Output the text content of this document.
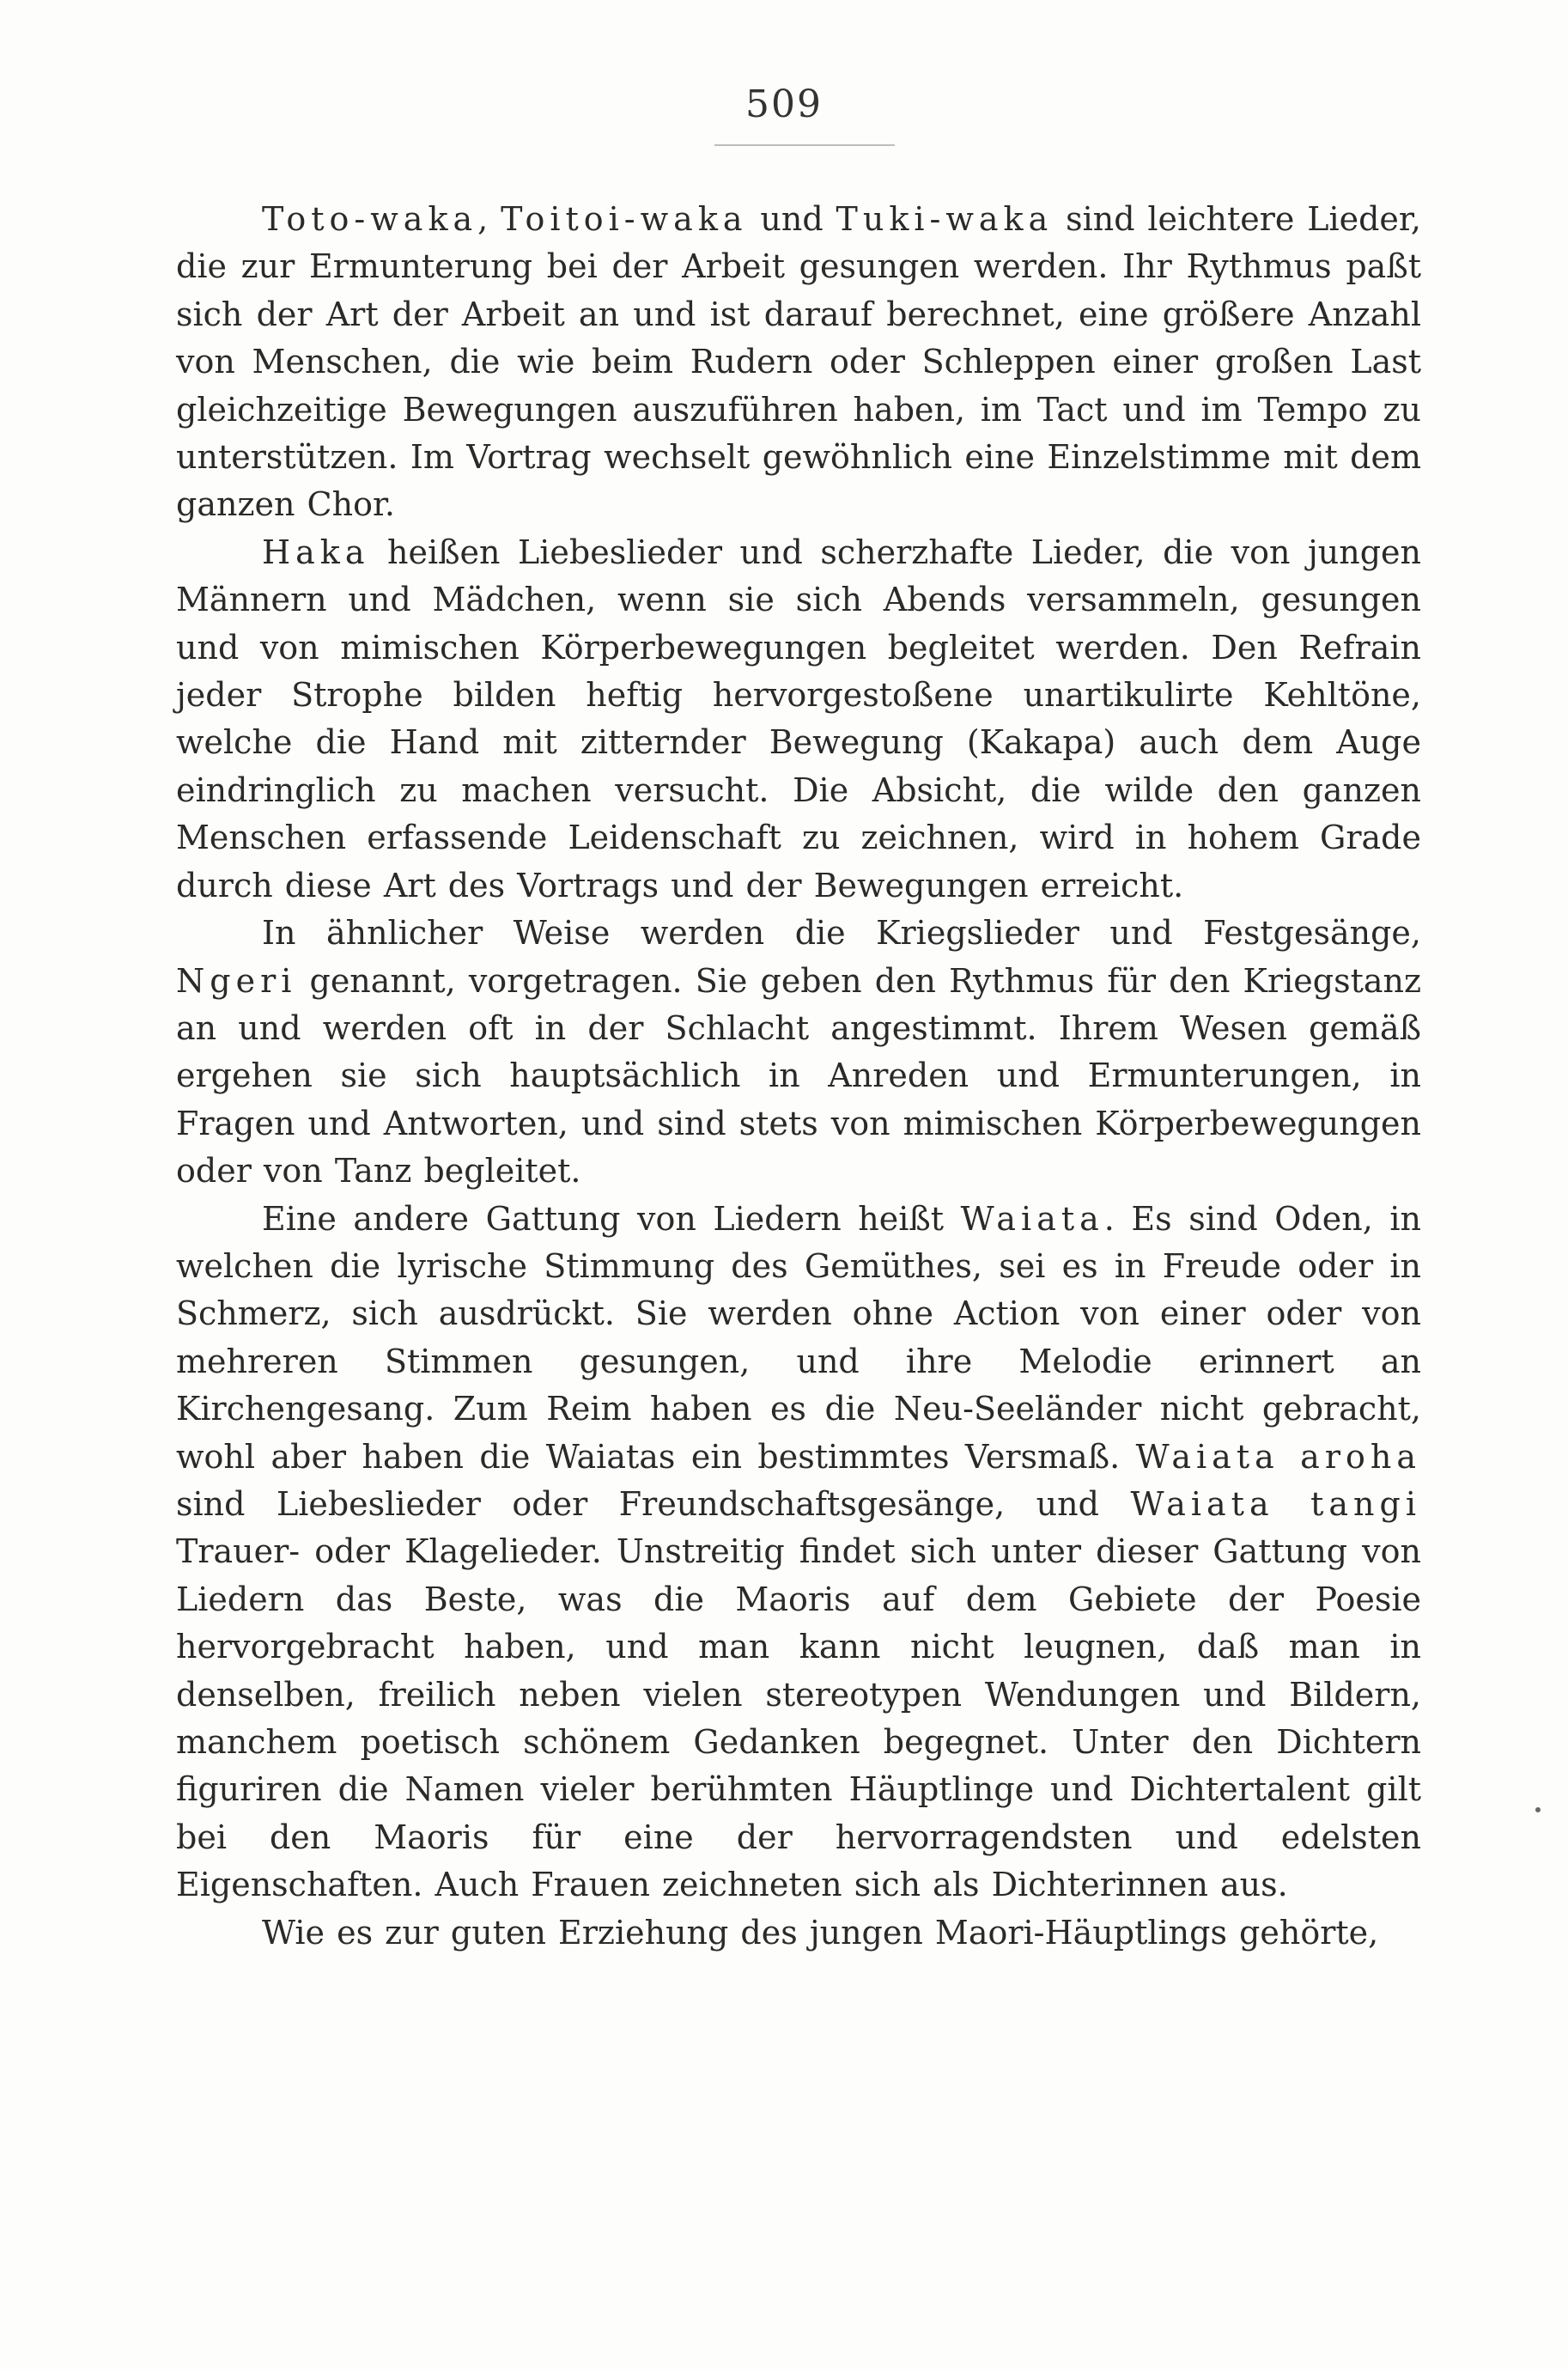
509

Toto-waka, Toitoi-waka und Tuki-waka sind leichtere Lieder, die zur Ermunterung bei der Arbeit gesungen werden. Ihr Rythmus paßt sich der Art der Arbeit an und ist darauf berechnet, eine größere Anzahl von Menschen, die wie beim Rudern oder Schleppen einer großen Last gleichzeitige Bewegungen auszuführen haben, im Tact und im Tempo zu unterstützen. Im Vortrag wechselt gewöhnlich eine Einzelstimme mit dem ganzen Chor.

Haka heißen Liebeslieder und scherzhafte Lieder, die von jungen Männern und Mädchen, wenn sie sich Abends versammeln, gesungen und von mimischen Körperbewegungen begleitet werden. Den Refrain jeder Strophe bilden heftig hervorgestoßene unartikulirte Kehltöne, welche die Hand mit zitternder Bewegung (Kakapa) auch dem Auge eindringlich zu machen versucht. Die Absicht, die wilde den ganzen Menschen erfassende Leidenschaft zu zeichnen, wird in hohem Grade durch diese Art des Vortrags und der Bewegungen erreicht.

In ähnlicher Weise werden die Kriegslieder und Festgesänge, Ngeri genannt, vorgetragen. Sie geben den Rythmus für den Kriegstanz an und werden oft in der Schlacht angestimmt. Ihrem Wesen gemäß ergehen sie sich hauptsächlich in Anreden und Ermunterungen, in Fragen und Antworten, und sind stets von mimischen Körperbewegungen oder von Tanz begleitet.

Eine andere Gattung von Liedern heißt Waiata. Es sind Oden, in welchen die lyrische Stimmung des Gemüthes, sei es in Freude oder in Schmerz, sich ausdrückt. Sie werden ohne Action von einer oder von mehreren Stimmen gesungen, und ihre Melodie erinnert an Kirchengesang. Zum Reim haben es die Neu-Seeländer nicht gebracht, wohl aber haben die Waiatas ein bestimmtes Versmaß. Waiata aroha sind Liebeslieder oder Freundschaftsgesänge, und Waiata tangi Trauer- oder Klagelieder. Unstreitig findet sich unter dieser Gattung von Liedern das Beste, was die Maoris auf dem Gebiete der Poesie hervorgebracht haben, und man kann nicht leugnen, daß man in denselben, freilich neben vielen stereotypen Wendungen und Bildern, manchem poetisch schönem Gedanken begegnet. Unter den Dichtern figuriren die Namen vieler berühmten Häuptlinge und Dichtertalent gilt bei den Maoris für eine der hervorragendsten und edelsten Eigenschaften. Auch Frauen zeichneten sich als Dichterinnen aus.

Wie es zur guten Erziehung des jungen Maori-Häuptlings gehörte,
